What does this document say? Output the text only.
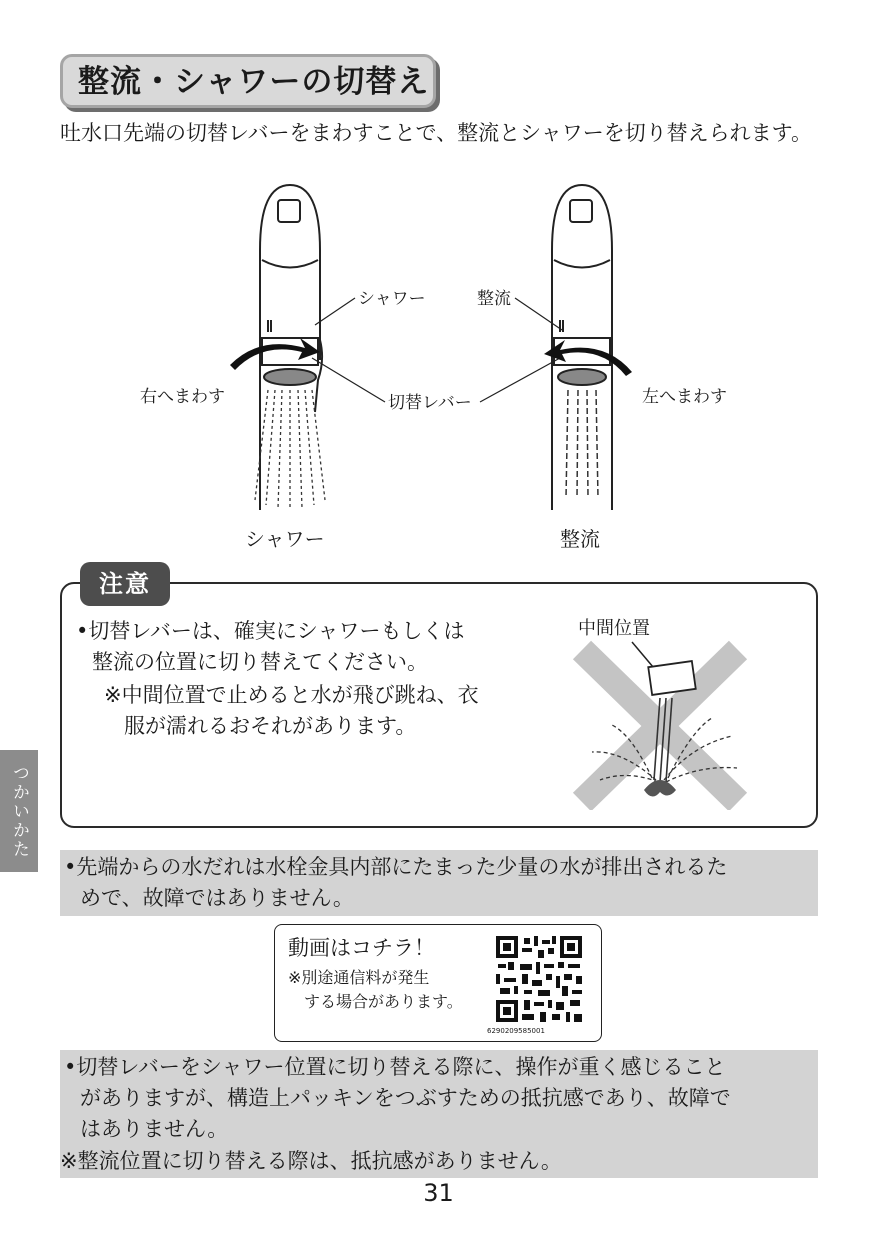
整流・シャワーの切替え
吐水口先端の切替レバーをまわすことで、整流とシャワーを切り替えられます。
シャワー	整流
切替レバー
右へまわす	左へまわす
シャワー	整流
注意
•切替レバーは、確実にシャワーもしくは
整流の位置に切り替えてください。
※中間位置で止めると水が飛び跳ね、衣
服が濡れるおそれがあります。
中間位置
つかいかた
•先端からの水だれは水栓金具内部にたまった少量の水が排出されるた
めで、故障ではありません。
動画はコチラ！
※別途通信料が発生
　する場合があります。
6290209585001
•切替レバーをシャワー位置に切り替える際に、操作が重く感じること
がありますが、構造上パッキンをつぶすための抵抗感であり、故障で
はありません。
※整流位置に切り替える際は、抵抗感がありません。
31
